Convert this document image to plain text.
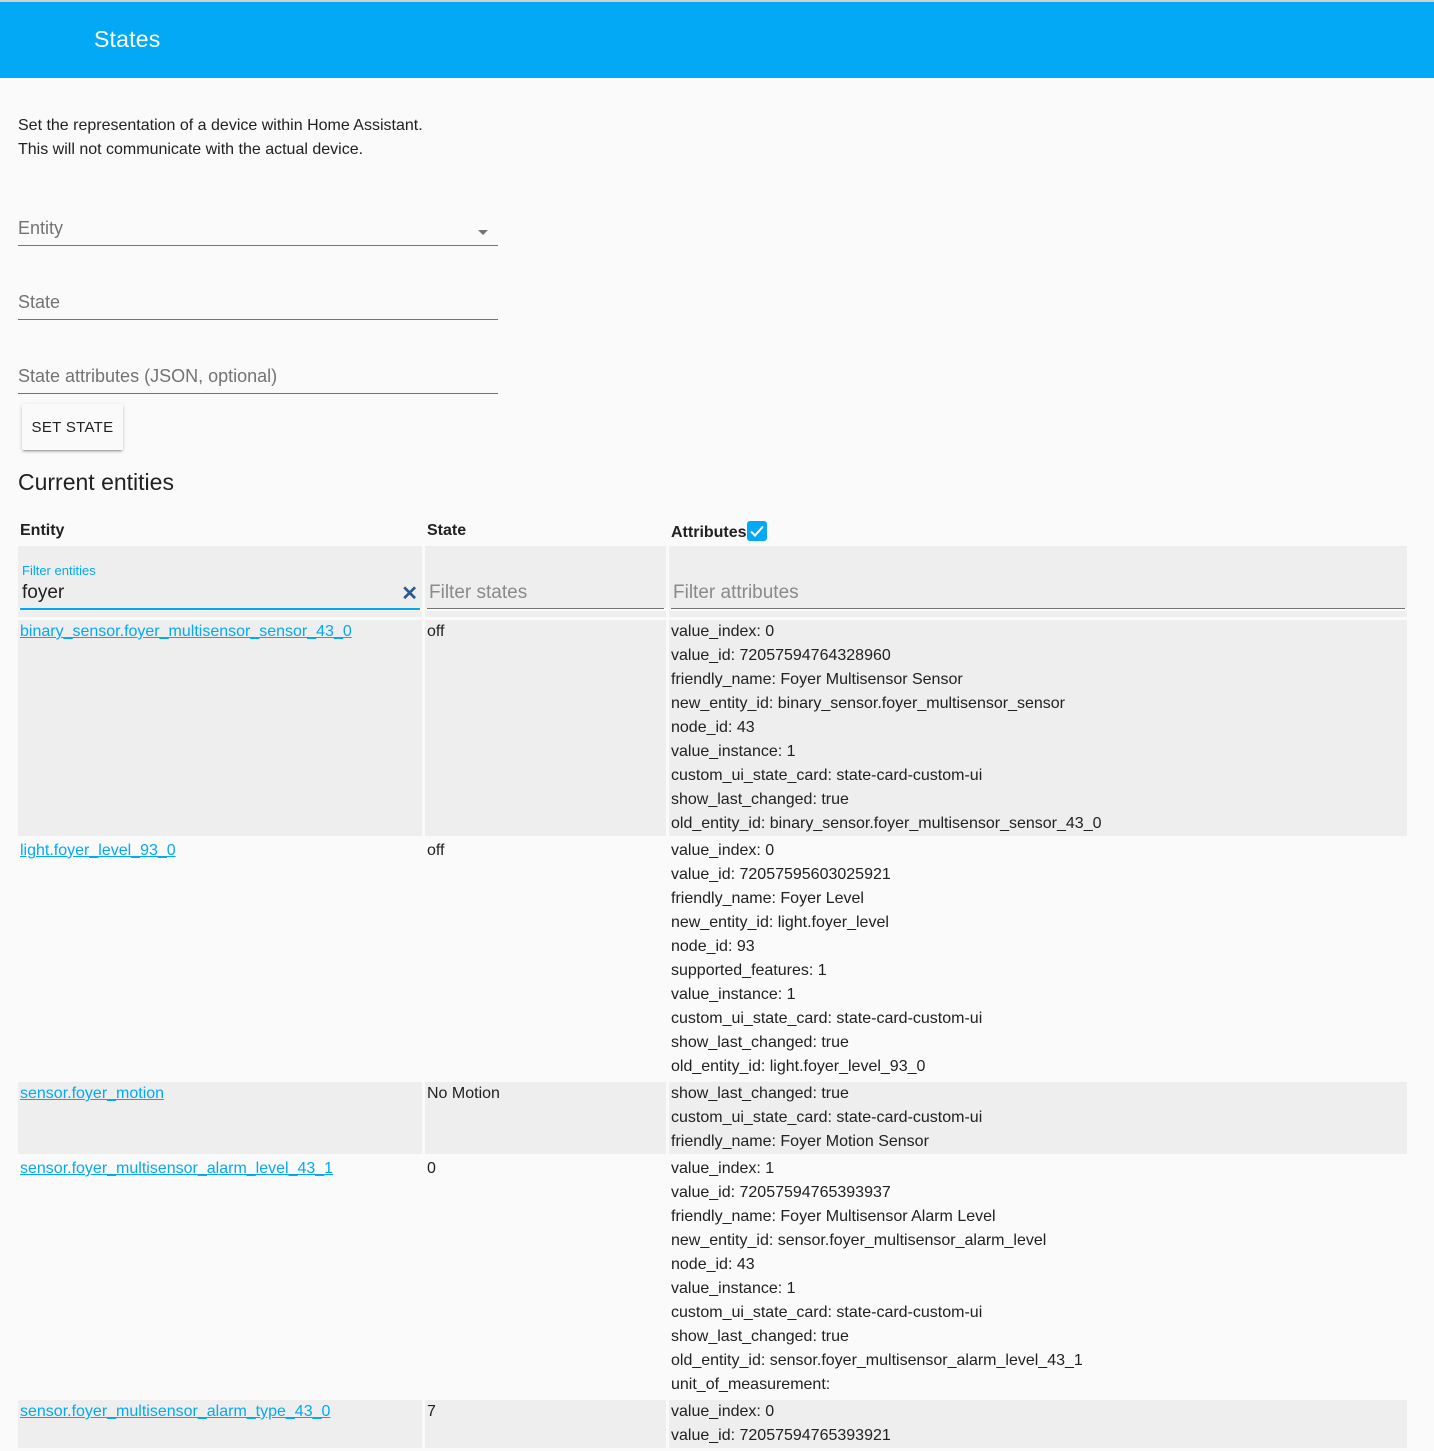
States
Set the representation of a device within Home Assistant.
This will not communicate with the actual device.
Entity
State
State attributes (JSON, optional)
SET STATE
Current entities
Entity	State	Attributes

Filter entities
foyer
✕

Filter states

Filter attributes

binary_sensor.foyer_multisensor_sensor_43_0	off	value_index: 0
value_id: 72057594764328960
friendly_name: Foyer Multisensor Sensor
new_entity_id: binary_sensor.foyer_multisensor_sensor
node_id: 43
value_instance: 1
custom_ui_state_card: state-card-custom-ui
show_last_changed: true
old_entity_id: binary_sensor.foyer_multisensor_sensor_43_0

light.foyer_level_93_0	off	value_index: 0
value_id: 72057595603025921
friendly_name: Foyer Level
new_entity_id: light.foyer_level
node_id: 93
supported_features: 1
value_instance: 1
custom_ui_state_card: state-card-custom-ui
show_last_changed: true
old_entity_id: light.foyer_level_93_0

sensor.foyer_motion	No Motion	show_last_changed: true
custom_ui_state_card: state-card-custom-ui
friendly_name: Foyer Motion Sensor

sensor.foyer_multisensor_alarm_level_43_1	0	value_index: 1
value_id: 72057594765393937
friendly_name: Foyer Multisensor Alarm Level
new_entity_id: sensor.foyer_multisensor_alarm_level
node_id: 43
value_instance: 1
custom_ui_state_card: state-card-custom-ui
show_last_changed: true
old_entity_id: sensor.foyer_multisensor_alarm_level_43_1
unit_of_measurement:

sensor.foyer_multisensor_alarm_type_43_0	7	value_index: 0
value_id: 72057594765393921
